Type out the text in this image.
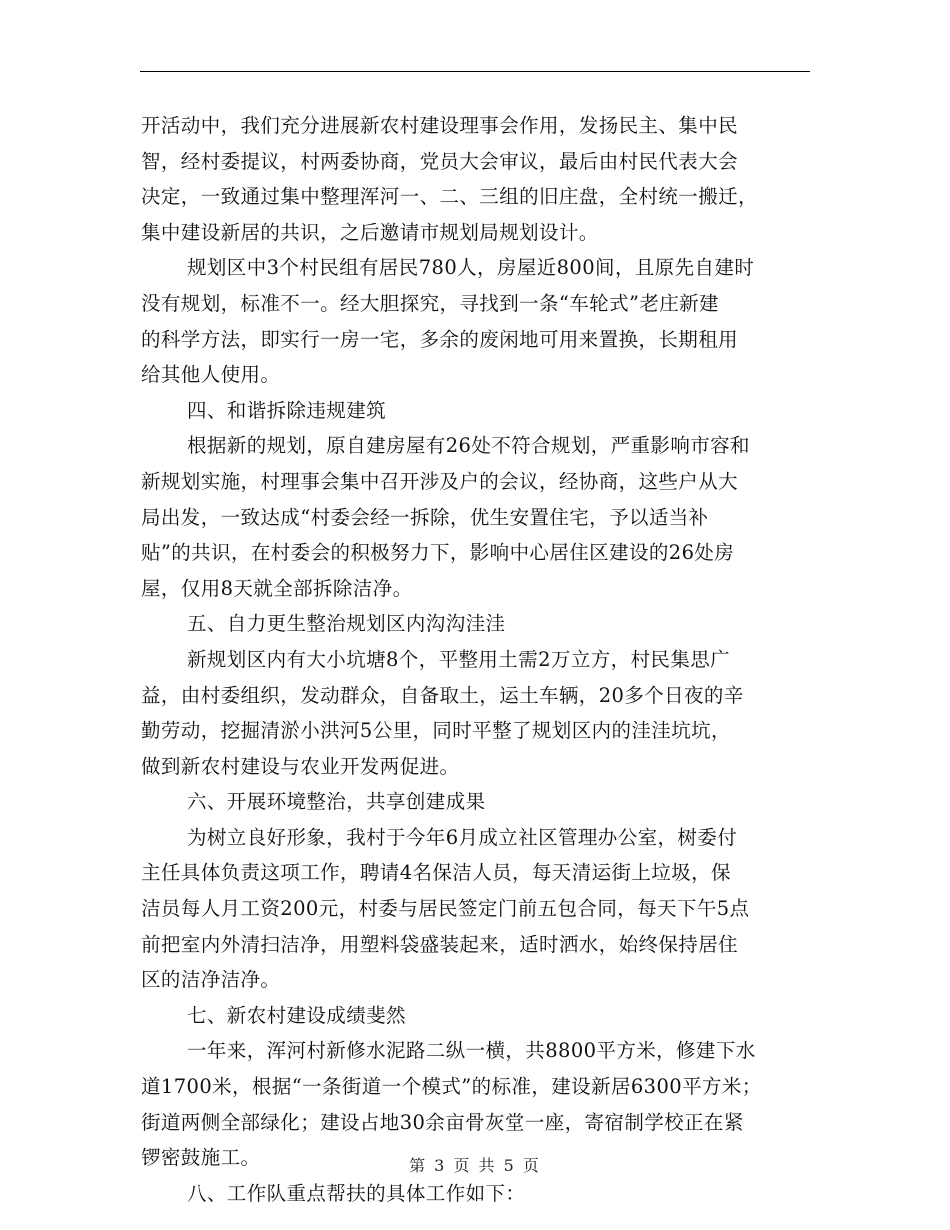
开活动中，我们充分进展新农村建设理事会作用，发扬民主、集中民
智，经村委提议，村两委协商，党员大会审议，最后由村民代表大会
决定，一致通过集中整理浑河一、二、三组的旧庄盘，全村统一搬迁，
集中建设新居的共识，之后邀请市规划局规划设计。
规划区中3个村民组有居民780人，房屋近800间，且原先自建时
没有规划，标准不一。经大胆探究，寻找到一条“车轮式”老庄新建
的科学方法，即实行一房一宅，多余的废闲地可用来置换，长期租用
给其他人使用。
四、和谐拆除违规建筑
根据新的规划，原自建房屋有26处不符合规划，严重影响市容和
新规划实施，村理事会集中召开涉及户的会议，经协商，这些户从大
局出发，一致达成“村委会经一拆除，优生安置住宅，予以适当补
贴”的共识，在村委会的积极努力下，影响中心居住区建设的26处房
屋，仅用8天就全部拆除洁净。
五、自力更生整治规划区内沟沟洼洼
新规划区内有大小坑塘8个，平整用土需2万立方，村民集思广
益，由村委组织，发动群众，自备取土，运土车辆，20多个日夜的辛
勤劳动，挖掘清淤小洪河5公里，同时平整了规划区内的洼洼坑坑，
做到新农村建设与农业开发两促进。
六、开展环境整治，共享创建成果
为树立良好形象，我村于今年6月成立社区管理办公室，树委付
主任具体负责这项工作，聘请4名保洁人员，每天清运街上垃圾，保
洁员每人月工资200元，村委与居民签定门前五包合同，每天下午5点
前把室内外清扫洁净，用塑料袋盛装起来，适时洒水，始终保持居住
区的洁净洁净。
七、新农村建设成绩斐然
一年来，浑河村新修水泥路二纵一横，共8800平方米，修建下水
道1700米，根据“一条街道一个模式”的标准，建设新居6300平方米；
街道两侧全部绿化；建设占地30余亩骨灰堂一座，寄宿制学校正在紧
锣密鼓施工。
八、工作队重点帮扶的具体工作如下：
第 3 页 共 5 页
